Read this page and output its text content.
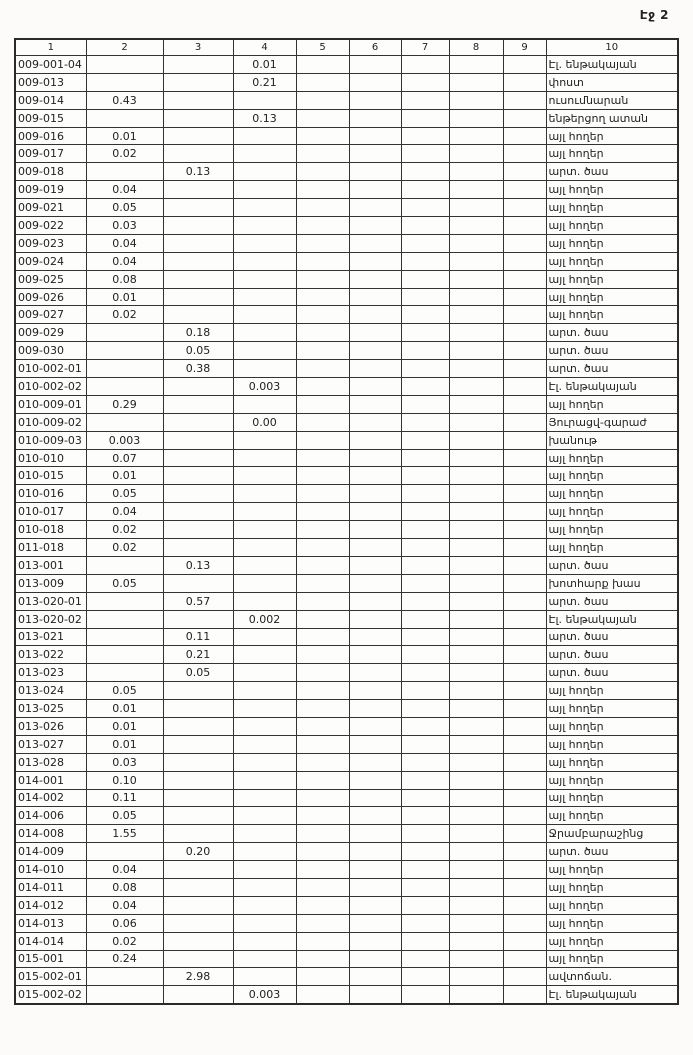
Էջ 2
1	2	3	4	5	6	7	8	9	10
009-001-04			0.01						Էլ. ենթակայան
009-013			0.21						փոստ
009-014	0.43								ուսումնարան
009-015			0.13						ենթերցող ատան
009-016	0.01								այլ հողեր
009-017	0.02								այլ հողեր
009-018		0.13							արտ. ծաս
009-019	0.04								այլ հողեր
009-021	0.05								այլ հողեր
009-022	0.03								այլ հողեր
009-023	0.04								այլ հողեր
009-024	0.04								այլ հողեր
009-025	0.08								այլ հողեր
009-026	0.01								այլ հողեր
009-027	0.02								այլ հողեր
009-029		0.18							արտ. ծաս
009-030		0.05							արտ. ծաս
010-002-01		0.38							արտ. ծաս
010-002-02			0.003						Էլ. ենթակայան
010-009-01	0.29								այլ հողեր
010-009-02			0.00						Յուրացվ-գարաժ
010-009-03	0.003								խանութ
010-010	0.07								այլ հողեր
010-015	0.01								այլ հողեր
010-016	0.05								այլ հողեր
010-017	0.04								այլ հողեր
010-018	0.02								այլ հողեր
011-018	0.02								այլ հողեր
013-001		0.13							արտ. ծաս
013-009	0.05								խոտհարք խաս
013-020-01		0.57							արտ. ծաս
013-020-02			0.002						Էլ. ենթակայան
013-021		0.11							արտ. ծաս
013-022		0.21							արտ. ծաս
013-023		0.05							արտ. ծաս
013-024	0.05								այլ հողեր
013-025	0.01								այլ հողեր
013-026	0.01								այլ հողեր
013-027	0.01								այլ հողեր
013-028	0.03								այլ հողեր
014-001	0.10								այլ հողեր
014-002	0.11								այլ հողեր
014-006	0.05								այլ հողեր
014-008	1.55								Ջրամբարաշինց
014-009		0.20							արտ. ծաս
014-010	0.04								այլ հողեր
014-011	0.08								այլ հողեր
014-012	0.04								այլ հողեր
014-013	0.06								այլ հողեր
014-014	0.02								այլ հողեր
015-001	0.24								այլ հողեր
015-002-01		2.98							ավտոճան.
015-002-02			0.003						Էլ. ենթակայան
